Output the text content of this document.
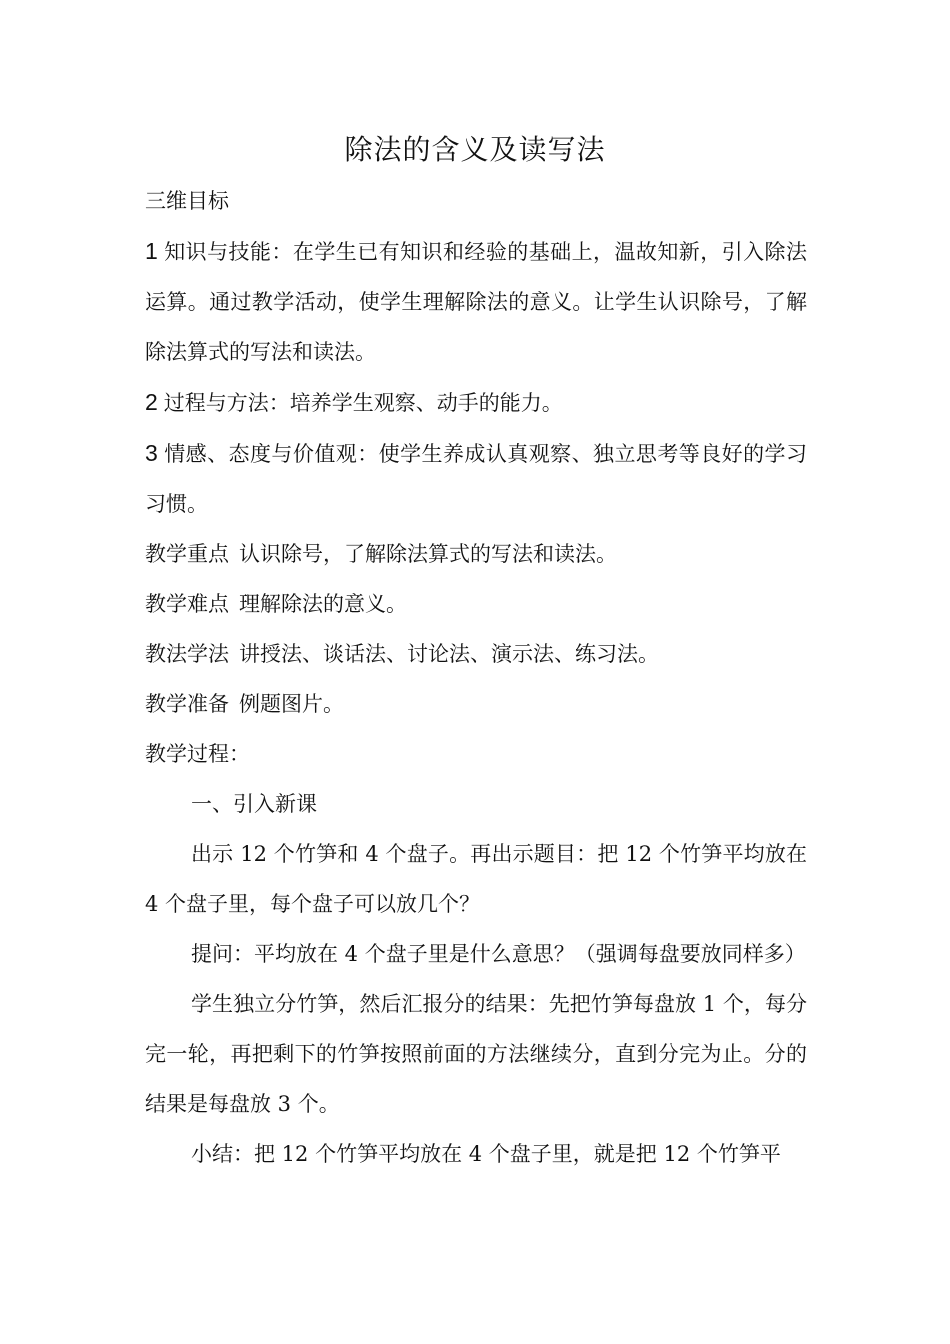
除法的含义及读写法

三维目标

1 知识与技能：在学生已有知识和经验的基础上，温故知新，引入除法运算。通过教学活动，使学生理解除法的意义。让学生认识除号，了解除法算式的写法和读法。

2 过程与方法：培养学生观察、动手的能力。

3 情感、态度与价值观：使学生养成认真观察、独立思考等良好的学习习惯。

教学重点 认识除号，了解除法算式的写法和读法。

教学难点 理解除法的意义。

教法学法 讲授法、谈话法、讨论法、演示法、练习法。

教学准备 例题图片。

教学过程：

一、引入新课

出示 12 个竹笋和 4 个盘子。再出示题目：把 12 个竹笋平均放在 4 个盘子里，每个盘子可以放几个？

提问：平均放在 4 个盘子里是什么意思？（强调每盘要放同样多）

学生独立分竹笋，然后汇报分的结果：先把竹笋每盘放 1 个，每分完一轮，再把剩下的竹笋按照前面的方法继续分，直到分完为止。分的结果是每盘放 3 个。

小结：把 12 个竹笋平均放在 4 个盘子里，就是把 12 个竹笋平
